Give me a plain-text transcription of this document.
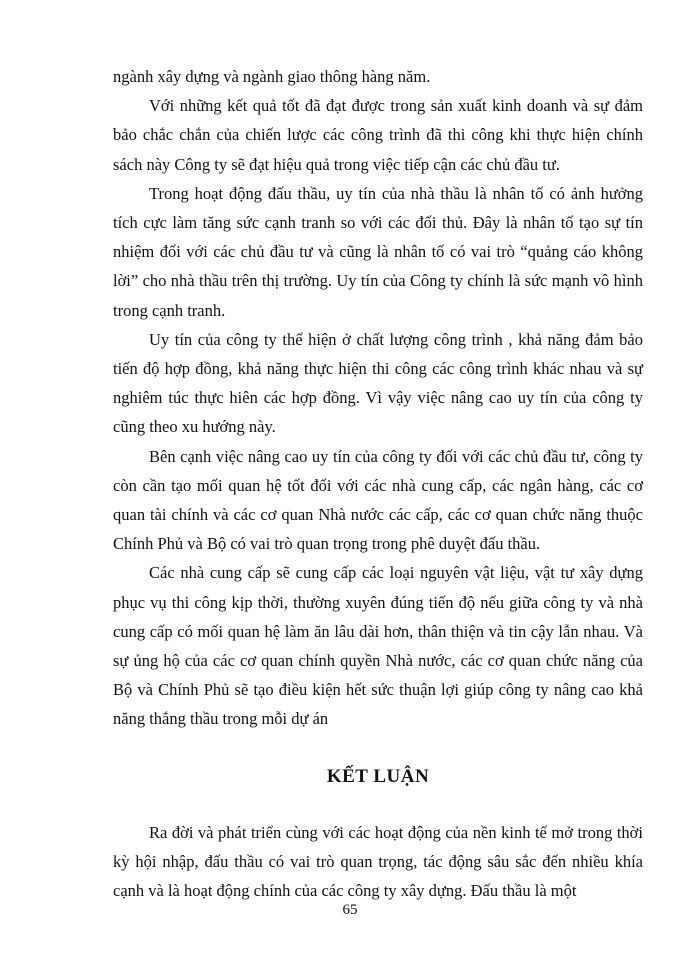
ngành xây dựng và ngành giao thông hàng năm.

Với những kết quả tốt đã đạt được trong sản xuất kinh doanh và sự đảm bảo chắc chắn của chiến lược các công trình đã thi công khi thực hiện chính sách này Công ty sẽ đạt hiệu quả trong việc tiếp cận các chủ đầu tư.

Trong hoạt động đấu thầu, uy tín của nhà thầu là nhân tố có ảnh hưởng tích cực làm tăng sức cạnh tranh so với các đối thủ. Đây là nhân tố tạo sự tín nhiệm đối với các chủ đầu tư và cũng là nhân tố có vai trò “quảng cáo không lời” cho nhà thầu trên thị trường. Uy tín của Công ty chính là sức mạnh vô hình trong cạnh tranh.

Uy tín của công ty thể hiện ở chất lượng công trình , khả năng đảm bảo tiến độ hợp đồng, khả năng thực hiện thi công các công trình khác nhau và sự nghiêm túc thực hiên các hợp đồng. Vì vậy việc nâng cao uy tín của công ty cũng theo xu hướng này.

Bên cạnh việc nâng cao uy tín của công ty đối với các chủ đầu tư, công ty còn cần tạo mối quan hệ tốt đối với các nhà cung cấp, các ngân hàng, các cơ quan tài chính và các cơ quan Nhà nước các cấp, các cơ quan chức năng thuộc Chính Phủ và Bộ có vai trò quan trọng trong phê duyệt đấu thầu.

Các nhà cung cấp sẽ cung cấp các loại nguyên vật liệu, vật tư xây dựng phục vụ thi công kịp thời, thường xuyên đúng tiến độ nếu giữa công ty và nhà cung cấp có mối quan hệ làm ăn lâu dài hơn, thân thiện và tin cậy lẫn nhau. Và sự ủng hộ của các cơ quan chính quyền Nhà nước, các cơ quan chức năng của Bộ và Chính Phủ sẽ tạo điều kiện hết sức thuận lợi giúp công ty nâng cao khả năng thắng thầu trong mỗi dự án

KẾT LUẬN

Ra đời và phát triển cùng với các hoạt động của nền kinh tế mở trong thời kỳ hội nhập, đấu thầu có vai trò quan trọng, tác động sâu sắc đến nhiều khía cạnh và là hoạt động chính của các công ty xây dựng. Đấu thầu là một

65
